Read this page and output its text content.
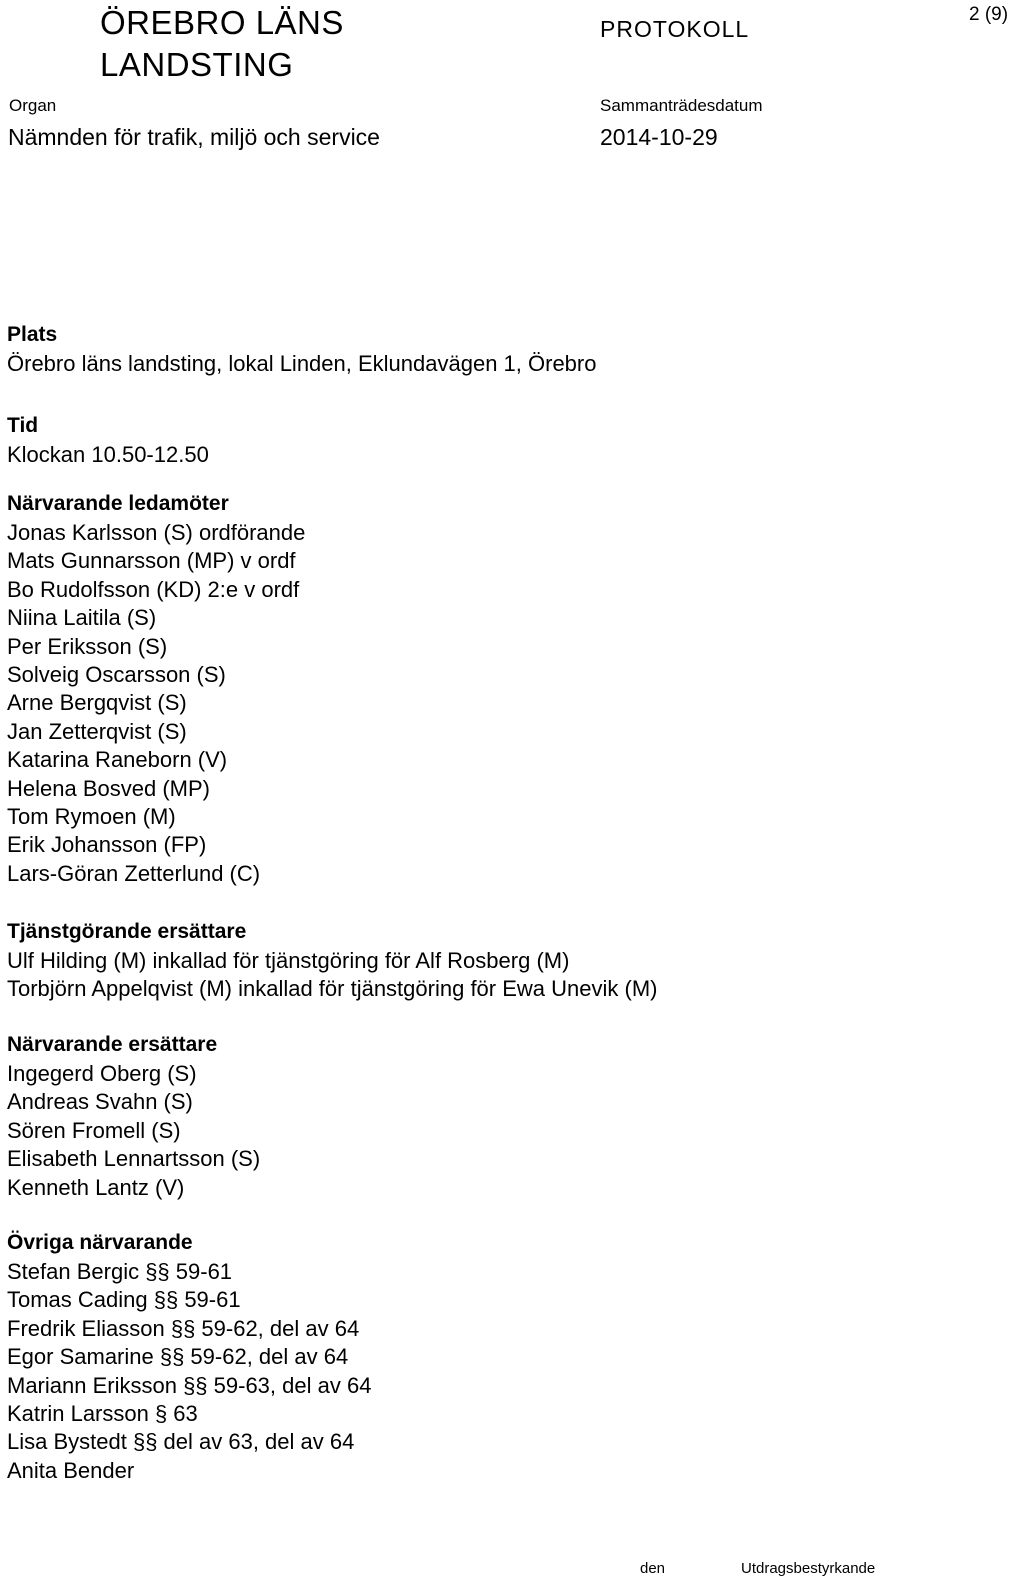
ÖREBRO LÄNS
LANDSTING
PROTOKOLL
2 (9)
Organ
Nämnden för trafik, miljö och service
Sammanträdesdatum
2014-10-29
Plats
Örebro läns landsting, lokal Linden, Eklundavägen 1, Örebro
Tid
Klockan 10.50-12.50
Närvarande ledamöter
Jonas Karlsson (S) ordförande
Mats Gunnarsson (MP) v ordf
Bo Rudolfsson (KD) 2:e v ordf
Niina Laitila (S)
Per Eriksson (S)
Solveig Oscarsson (S)
Arne Bergqvist (S)
Jan Zetterqvist (S)
Katarina Raneborn (V)
Helena Bosved (MP)
Tom Rymoen (M)
Erik Johansson (FP)
Lars-Göran Zetterlund (C)
Tjänstgörande ersättare
Ulf Hilding (M) inkallad för tjänstgöring för Alf Rosberg (M)
Torbjörn Appelqvist (M) inkallad för tjänstgöring för Ewa Unevik (M)
Närvarande ersättare
Ingegerd Oberg (S)
Andreas Svahn (S)
Sören Fromell (S)
Elisabeth Lennartsson (S)
Kenneth Lantz (V)
Övriga närvarande
Stefan Bergic §§ 59-61
Tomas Cading §§ 59-61
Fredrik Eliasson §§ 59-62, del av 64
Egor Samarine §§ 59-62, del av 64
Mariann Eriksson §§ 59-63, del av 64
Katrin Larsson § 63
Lisa Bystedt §§ del av 63, del av 64
Anita Bender
den	Utdragsbestyrkande
